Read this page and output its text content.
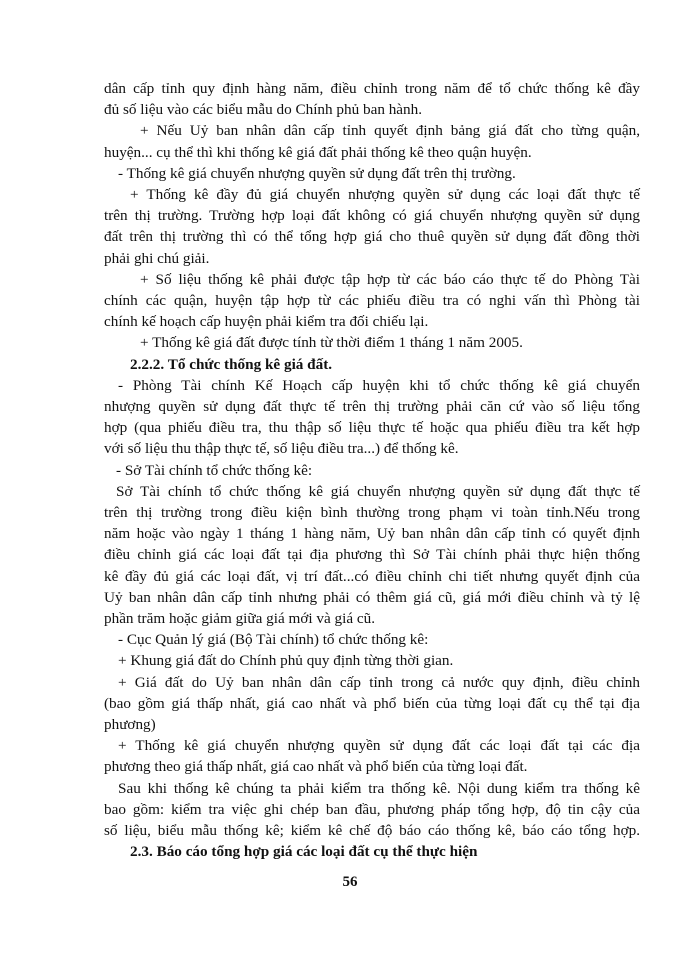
dân cấp tỉnh quy định hàng năm, điều chỉnh trong năm để tổ chức thống kê đầy
đủ số liệu vào các biểu mẫu do Chính phủ ban hành.
+ Nếu Uỷ ban nhân dân cấp tỉnh quyết định bảng giá đất cho từng quận,
huyện... cụ thể thì khi thống kê giá đất phải thống kê theo quận huyện.
- Thống kê giá chuyển nhượng quyền sử dụng đất trên thị trường.
+ Thống kê đầy đủ giá chuyển nhượng quyền sử dụng các loại đất thực tế
trên thị trường. Trường hợp loại đất không có giá chuyển nhượng quyền sử dụng
đất trên thị trường thì có thể tổng hợp giá cho thuê quyền sử dụng đất đồng thời
phải ghi chú giải.
+ Số liệu thống kê phải được tập hợp từ các báo cáo thực tế do Phòng Tài
chính các quận, huyện tập hợp từ các phiếu điều tra có nghi vấn thì Phòng tài
chính kế hoạch cấp huyện phải kiểm tra đối chiếu lại.
+ Thống kê giá đất được tính từ thời điểm 1 tháng 1 năm 2005.
2.2.2. Tổ chức thống kê giá đất.
- Phòng Tài chính Kế Hoạch cấp huyện khi tổ chức thống kê giá chuyển
nhượng quyền sử dụng đất thực tế trên thị trường phải căn cứ vào số liệu tổng
hợp (qua phiếu điều tra, thu thập số liệu thực tế hoặc qua phiếu điều tra kết hợp
với số liệu thu thập thực tế, số liệu điều tra...) để thống kê.
- Sở Tài chính tổ chức thống kê:
Sở Tài chính tổ chức thống kê giá chuyển nhượng quyền sử dụng đất thực tế
trên thị trường trong điều kiện bình thường trong phạm vi toàn tỉnh.Nếu trong
năm hoặc vào ngày 1 tháng 1 hàng năm, Uỷ ban nhân dân cấp tỉnh có quyết định
điều chỉnh giá các loại đất tại địa phương thì Sở Tài chính phải thực hiện thống
kê đầy đủ giá các loại đất, vị trí đất...có điều chỉnh chi tiết nhưng quyết định của
Uỷ ban nhân dân cấp tỉnh nhưng phải có thêm giá cũ, giá mới điều chỉnh và tỷ lệ
phần trăm hoặc giảm giữa giá mới và giá cũ.
- Cục Quản lý giá (Bộ Tài chính) tổ chức thống kê:
+ Khung giá đất do Chính phủ quy định từng thời gian.
+ Giá đất do Uỷ ban nhân dân cấp tỉnh trong cả nước quy định, điều chỉnh
(bao gồm giá thấp nhất, giá cao nhất và phổ biến của từng loại đất cụ thể tại địa
phương)
+ Thống kê giá chuyển nhượng quyền sử dụng đất các loại đất tại các địa
phương theo giá thấp nhất, giá cao nhất và phổ biến của từng loại đất.
Sau khi thống kê chúng ta phải kiểm tra thống kê. Nội dung kiểm tra thống kê
bao gồm: kiểm tra việc ghi chép ban đầu, phương pháp tổng hợp, độ tin cậy của
số liệu, biểu mẫu thống kê; kiểm kê chế độ báo cáo thống kê, báo cáo tổng hợp.
2.3. Báo cáo tổng hợp giá các loại đất cụ thể thực hiện
56
